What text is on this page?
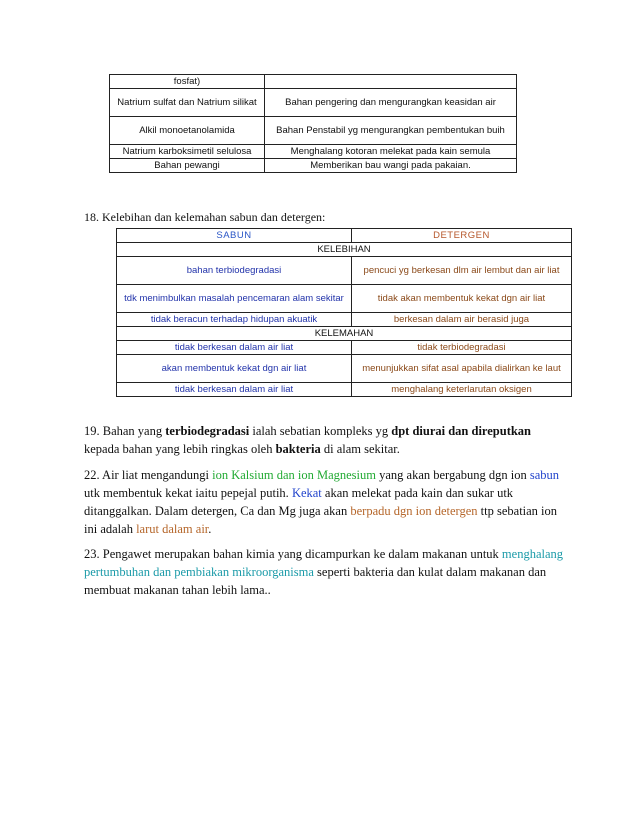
fosfat)	
Natrium sulfat dan Natrium silikat	Bahan pengering dan mengurangkan keasidan air
Alkil monoetanolamida	Bahan Penstabil yg mengurangkan pembentukan buih
Natrium karboksimetil selulosa	Menghalang kotoran melekat pada kain semula
Bahan pewangi	Memberikan bau wangi pada pakaian.
18. Kelebihan dan kelemahan sabun dan detergen:
SABUN	DETERGEN
KELEBIHAN	
bahan terbiodegradasi	pencuci yg berkesan dlm air lembut dan air liat
tdk menimbulkan masalah pencemaran alam sekitar	tidak akan membentuk kekat dgn air liat
tidak beracun terhadap hidupan akuatik	berkesan dalam air berasid juga
KELEMAHAN	
tidak berkesan dalam air liat	tidak terbiodegradasi
akan membentuk kekat dgn air liat	menunjukkan sifat asal apabila dialirkan ke laut
tidak berkesan dalam air liat	menghalang keterlarutan oksigen
19. Bahan yang terbiodegradasi ialah sebatian kompleks yg dpt diurai dan direputkan kepada bahan yang lebih ringkas oleh bakteria di alam sekitar.
22. Air liat mengandungi ion Kalsium dan ion Magnesium yang akan bergabung dgn ion sabun utk membentuk kekat iaitu pepejal putih. Kekat akan melekat pada kain dan sukar utk ditanggalkan. Dalam detergen, Ca dan Mg juga akan berpadu dgn ion detergen ttp sebatian ion ini adalah larut dalam air.
23. Pengawet merupakan bahan kimia yang dicampurkan ke dalam makanan untuk menghalang pertumbuhan dan pembiakan mikroorganisma seperti bakteria dan kulat dalam makanan dan membuat makanan tahan lebih lama..
